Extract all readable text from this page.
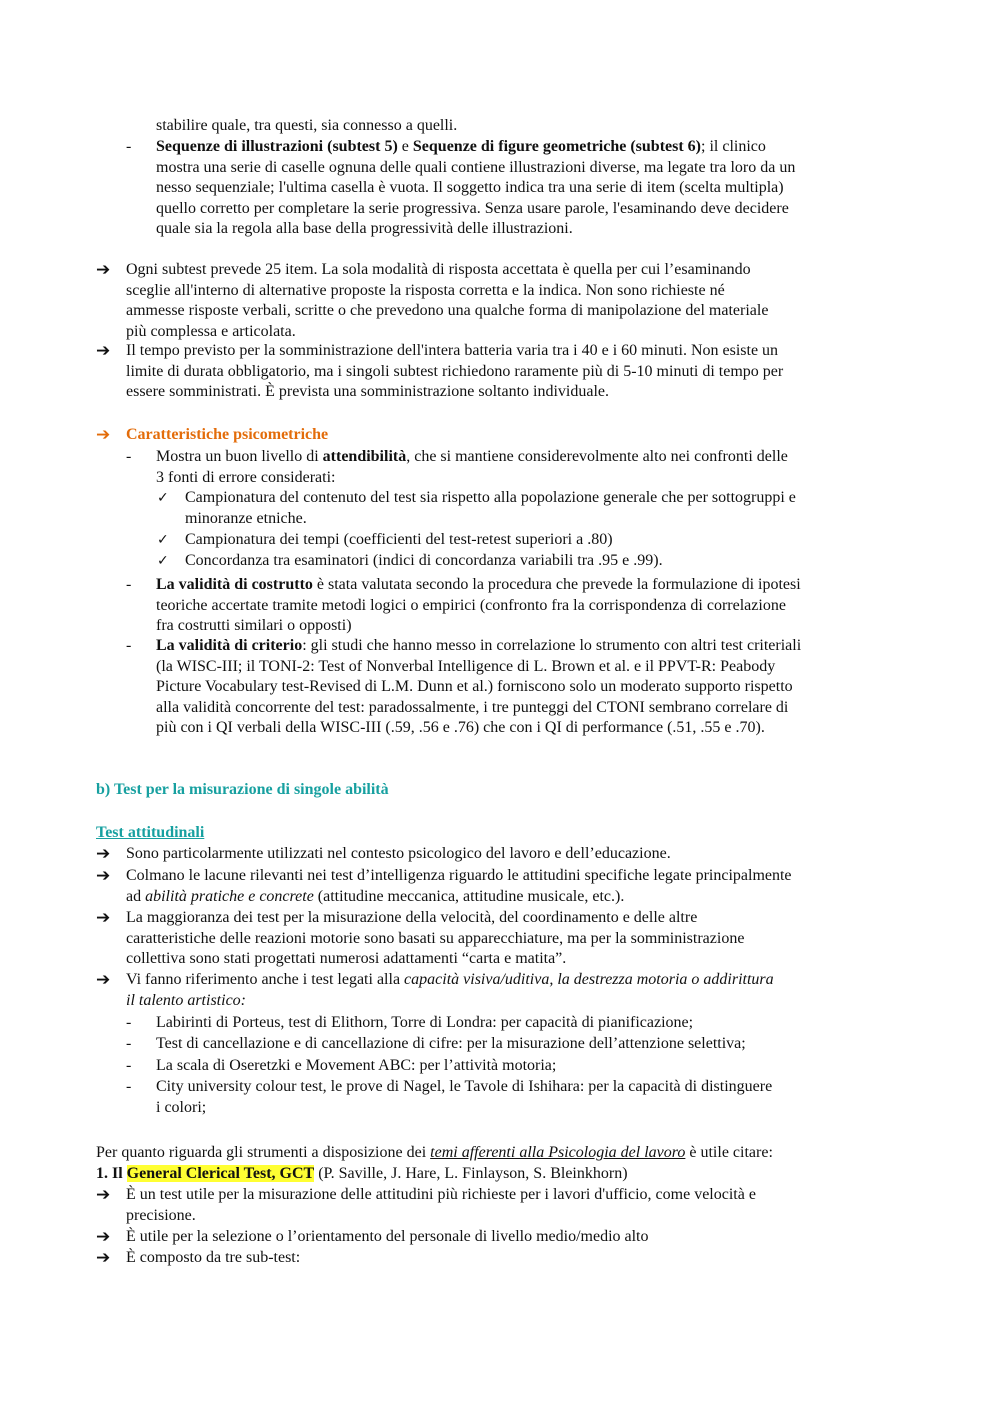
stabilire quale, tra questi, sia connesso a quelli.
- Sequenze di illustrazioni (subtest 5) e Sequenze di figure geometriche (subtest 6); il clinico
mostra una serie di caselle ognuna delle quali contiene illustrazioni diverse, ma legate tra loro da un
nesso sequenziale; l'ultima casella è vuota. Il soggetto indica tra una serie di item (scelta multipla)
quello corretto per completare la serie progressiva. Senza usare parole, l'esaminando deve decidere
quale sia la regola alla base della progressività delle illustrazioni.
➔ Ogni subtest prevede 25 item. La sola modalità di risposta accettata è quella per cui l’esaminando
sceglie all'interno di alternative proposte la risposta corretta e la indica. Non sono richieste né
ammesse risposte verbali, scritte o che prevedono una qualche forma di manipolazione del materiale
più complessa e articolata.
➔ Il tempo previsto per la somministrazione dell'intera batteria varia tra i 40 e i 60 minuti. Non esiste un
limite di durata obbligatorio, ma i singoli subtest richiedono raramente più di 5-10 minuti di tempo per
essere somministrati. È prevista una somministrazione soltanto individuale.
➔ Caratteristiche psicometriche
- Mostra un buon livello di attendibilità, che si mantiene considerevolmente alto nei confronti delle
3 fonti di errore considerati:
✓ Campionatura del contenuto del test sia rispetto alla popolazione generale che per sottogruppi e
minoranze etniche.
✓ Campionatura dei tempi (coefficienti del test-retest superiori a .80)
✓ Concordanza tra esaminatori (indici di concordanza variabili tra .95 e .99).
- La validità di costrutto è stata valutata secondo la procedura che prevede la formulazione di ipotesi
teoriche accertate tramite metodi logici o empirici (confronto fra la corrispondenza di correlazione
fra costrutti similari o opposti)
- La validità di criterio: gli studi che hanno messo in correlazione lo strumento con altri test criteriali
(la WISC-III; il TONI-2: Test of Nonverbal Intelligence di L. Brown et al. e il PPVT-R: Peabody
Picture Vocabulary test-Revised di L.M. Dunn et al.) forniscono solo un moderato supporto rispetto
alla validità concorrente del test: paradossalmente, i tre punteggi del CTONI sembrano correlare di
più con i QI verbali della WISC-III (.59, .56 e .76) che con i QI di performance (.51, .55 e .70).
b) Test per la misurazione di singole abilità
Test attitudinali
➔ Sono particolarmente utilizzati nel contesto psicologico del lavoro e dell’educazione.
➔ Colmano le lacune rilevanti nei test d’intelligenza riguardo le attitudini specifiche legate principalmente
ad abilità pratiche e concrete (attitudine meccanica, attitudine musicale, etc.).
➔ La maggioranza dei test per la misurazione della velocità, del coordinamento e delle altre
caratteristiche delle reazioni motorie sono basati su apparecchiature, ma per la somministrazione
collettiva sono stati progettati numerosi adattamenti “carta e matita”.
➔ Vi fanno riferimento anche i test legati alla capacità visiva/uditiva, la destrezza motoria o addirittura
il talento artistico:
- Labirinti di Porteus, test di Elithorn, Torre di Londra: per capacità di pianificazione;
- Test di cancellazione e di cancellazione di cifre: per la misurazione dell’attenzione selettiva;
- La scala di Oseretzki e Movement ABC: per l’attività motoria;
- City university colour test, le prove di Nagel, le Tavole di Ishihara: per la capacità di distinguere
i colori;
Per quanto riguarda gli strumenti a disposizione dei temi afferenti alla Psicologia del lavoro è utile citare:
1. Il General Clerical Test, GCT (P. Saville, J. Hare, L. Finlayson, S. Bleinkhorn)
➔ È un test utile per la misurazione delle attitudini più richieste per i lavori d'ufficio, come velocità e
precisione.
➔ È utile per la selezione o l’orientamento del personale di livello medio/medio alto
➔ È composto da tre sub-test:
